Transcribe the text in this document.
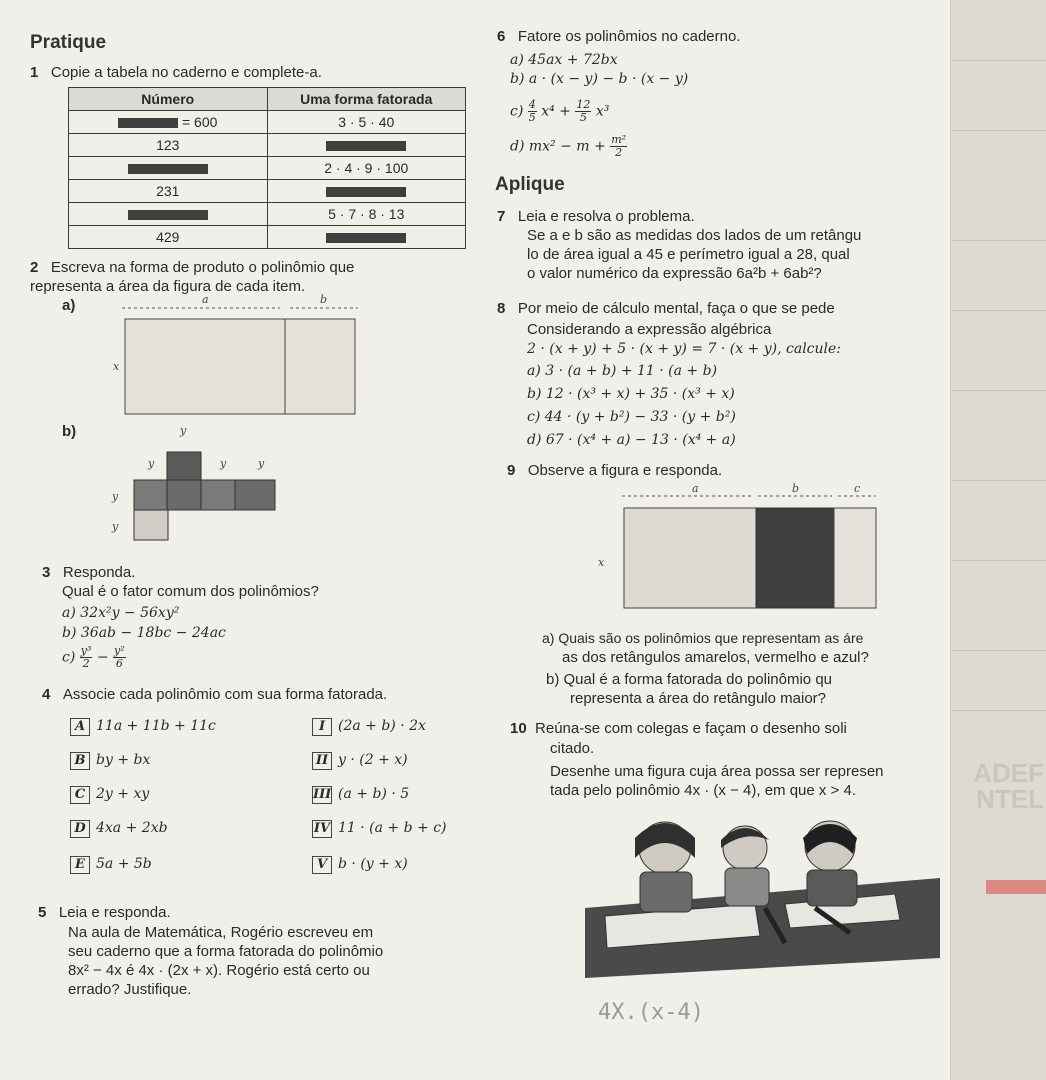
ADEF
NTEL
Pratique
1 Copie a tabela no caderno e complete-a.
Número	Uma forma fatorada
= 600	3 · 5 · 40
123	
	2 · 4 · 9 · 100
231	
	5 · 7 · 8 · 13
429	
2 Escreva na forma de produto o polinômio que
representa a área da figura de cada item.
a)	a	b
x
b)	y
y	y	y
y
y
3 Responda.
Qual é o fator comum dos polinômios?
a) 32x²y − 56xy²
b) 36ab − 18bc − 24ac
$c) \frac{\text{y³}}{2} - \frac{\text{y²}}{6}$
4 Associe cada polinômio com sua forma fatorada.
A 11a + 11b + 11c
B by + bx
C 2y + xy
D 4xa + 2xb
E 5a + 5b
I (2a + b) · 2x
II y · (2 + x)
III (a + b) · 5
IV 11 · (a + b + c)
V b · (y + x)
5 Leia e responda.
Na aula de Matemática, Rogério escreveu em
seu caderno que a forma fatorada do polinômio
8x² − 4x é 4x · (2x + x). Rogério está certo ou
errado? Justifique.
6 Fatore os polinômios no caderno.
a) 45ax + 72bx
b) a · (x − y) − b · (x − y)
$c) \frac{4}{5} x^4 + \frac{12}{5} x^3$
d) $mx^2 - m + \frac{\text{m²}}{2}$
Aplique
7 Leia e resolva o problema.
Se a e b são as medidas dos lados de um retângu
lo de área igual a 45 e perímetro igual a 28, qual
o valor numérico da expressão 6a²b + 6ab²?
8 Por meio de cálculo mental, faça o que se pede
Considerando a expressão algébrica
2 · (x + y) + 5 · (x + y) = 7 · (x + y), calcule:
a) 3 · (a + b) + 11 · (a + b)
b) 12 · (x³ + x) + 35 · (x³ + x)
c) 44 · (y + b²) − 33 · (y + b²)
d) 67 · (x⁴ + a) − 13 · (x⁴ + a)
9 Observe a figura e responda.
a	b	c
x
a) Quais são os polinômios que representam as áre
as dos retângulos amarelos, vermelho e azul?
b) Qual é a forma fatorada do polinômio qu
representa a área do retângulo maior?
10 Reúna-se com colegas e façam o desenho soli
citado.
Desenhe uma figura cuja área possa ser represen
tada pelo polinômio 4x · (x − 4), em que x > 4.
4X.(x-4)
